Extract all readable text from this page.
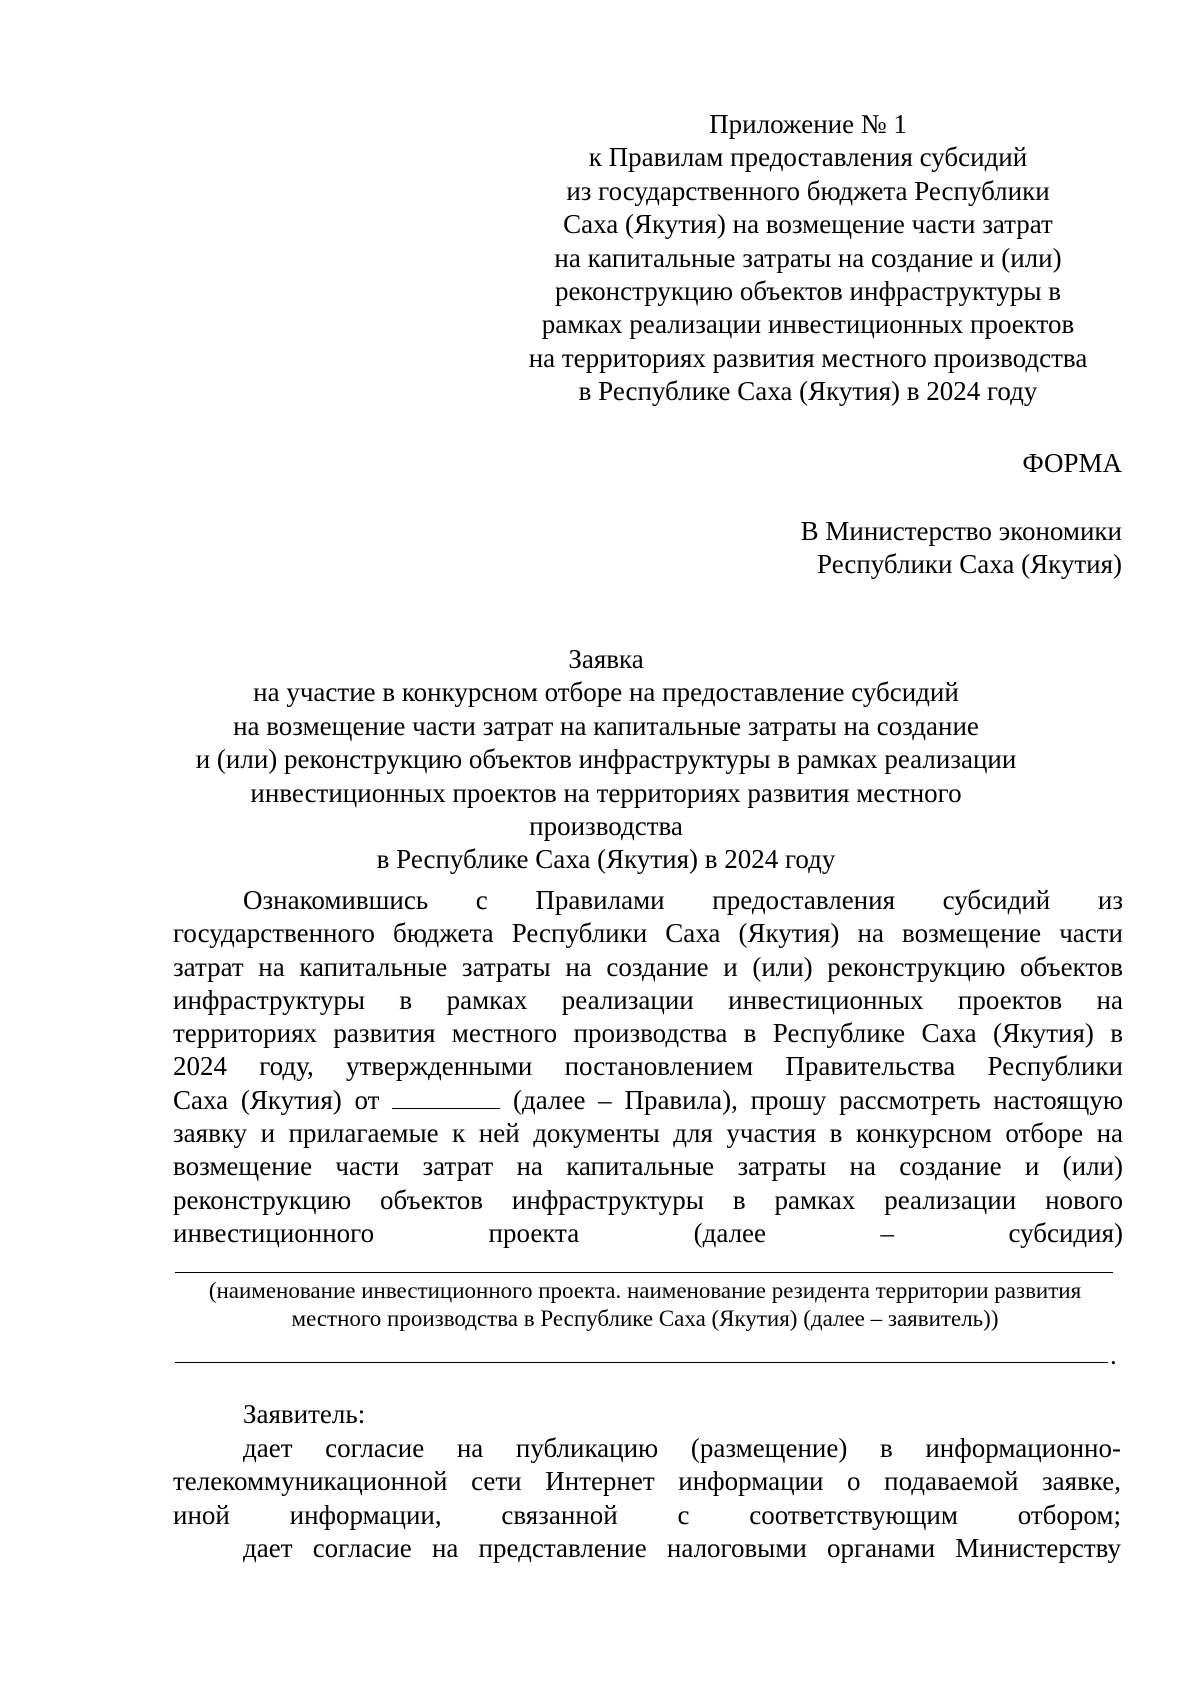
Приложение № 1
к Правилам предоставления субсидий
из государственного бюджета Республики
Саха (Якутия) на возмещение части затрат
на капитальные затраты на создание и (или)
реконструкцию объектов инфраструктуры в
рамках реализации инвестиционных проектов
на территориях развития местного производства
в Республике Саха (Якутия) в 2024 году
ФОРМА
В Министерство экономики
Республики Саха (Якутия)
Заявка
на участие в конкурсном отборе на предоставление субсидий
на возмещение части затрат на капитальные затраты на создание
и (или) реконструкцию объектов инфраструктуры в рамках реализации
инвестиционных проектов на территориях развития местного производства
в Республике Саха (Якутия) в 2024 году
Ознакомившись с Правилами предоставления субсидий из
государственного бюджета Республики Саха (Якутия) на возмещение части
затрат на капитальные затраты на создание и (или) реконструкцию объектов
инфраструктуры в рамках реализации инвестиционных проектов на
территориях развития местного производства в Республике Саха (Якутия) в
2024 году, утвержденными постановлением Правительства Республики
Саха (Якутия) от	(далее – Правила), прошу рассмотреть настоящую
заявку и прилагаемые к ней документы для участия в конкурсном отборе на
возмещение части затрат на капитальные затраты на создание и (или)
реконструкцию объектов инфраструктуры в рамках реализации нового
инвестиционного проекта (далее – субсидия)
(наименование инвестиционного проекта. наименование резидента территории развития
местного производства в Республике Саха (Якутия) (далее – заявитель))
.
Заявитель:
дает согласие на публикацию (размещение) в информационно-
телекоммуникационной сети Интернет информации о подаваемой заявке,
иной информации, связанной с соответствующим отбором;
дает согласие на представление налоговыми органами Министерству
